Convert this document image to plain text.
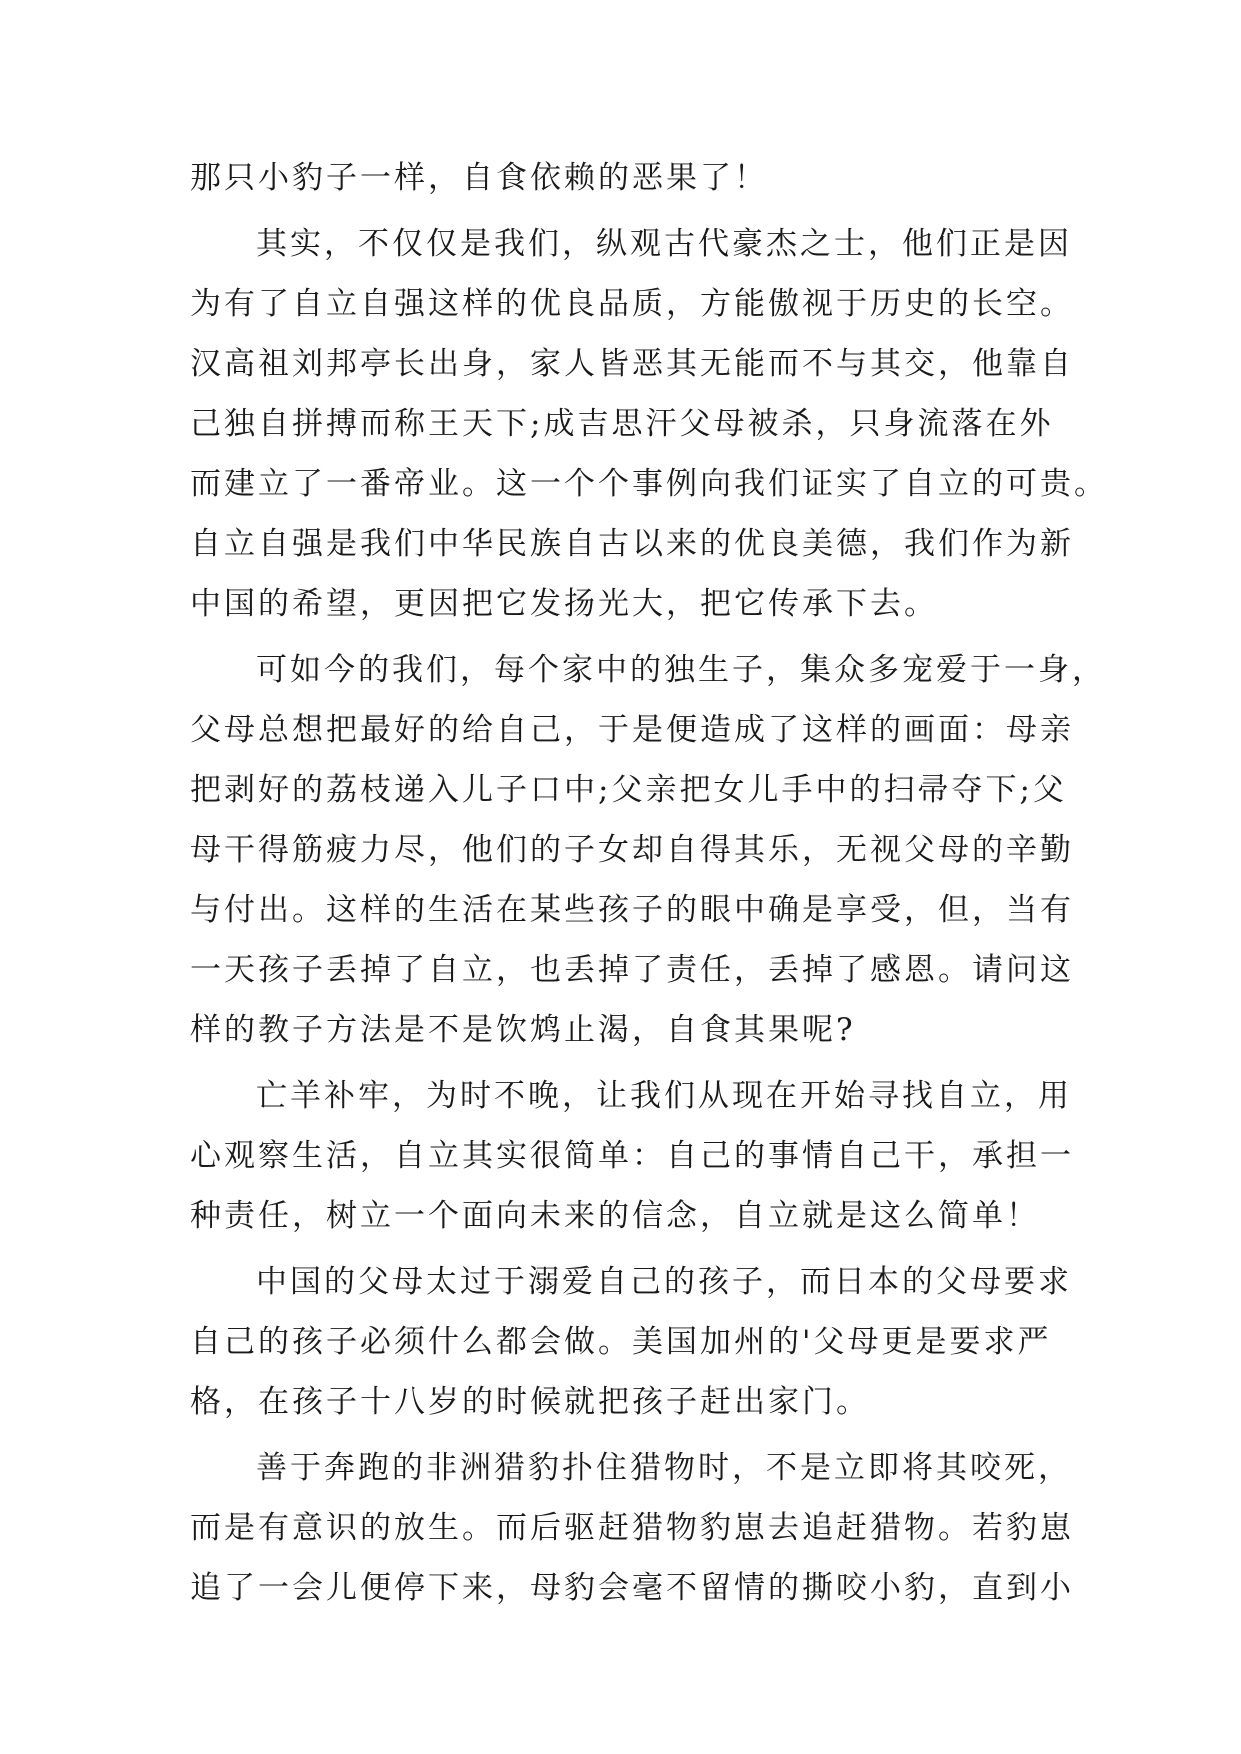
那只小豹子一样，自食依赖的恶果了！
其实，不仅仅是我们，纵观古代豪杰之士，他们正是因
为有了自立自强这样的优良品质，方能傲视于历史的长空。
汉高祖刘邦亭长出身，家人皆恶其无能而不与其交，他靠自
己独自拼搏而称王天下;成吉思汗父母被杀，只身流落在外
而建立了一番帝业。这一个个事例向我们证实了自立的可贵。
自立自强是我们中华民族自古以来的优良美德，我们作为新
中国的希望，更因把它发扬光大，把它传承下去。
可如今的我们，每个家中的独生子，集众多宠爱于一身，
父母总想把最好的给自己，于是便造成了这样的画面：母亲
把剥好的荔枝递入儿子口中;父亲把女儿手中的扫帚夺下;父
母干得筋疲力尽，他们的子女却自得其乐，无视父母的辛勤
与付出。这样的生活在某些孩子的眼中确是享受，但，当有
一天孩子丢掉了自立，也丢掉了责任，丢掉了感恩。请问这
样的教子方法是不是饮鸩止渴，自食其果呢?
亡羊补牢，为时不晚，让我们从现在开始寻找自立，用
心观察生活，自立其实很简单：自己的事情自己干，承担一
种责任，树立一个面向未来的信念，自立就是这么简单！
中国的父母太过于溺爱自己的孩子，而日本的父母要求
自己的孩子必须什么都会做。美国加州的'父母更是要求严
格，在孩子十八岁的时候就把孩子赶出家门。
善于奔跑的非洲猎豹扑住猎物时，不是立即将其咬死，
而是有意识的放生。而后驱赶猎物豹崽去追赶猎物。若豹崽
追了一会儿便停下来，母豹会毫不留情的撕咬小豹，直到小
